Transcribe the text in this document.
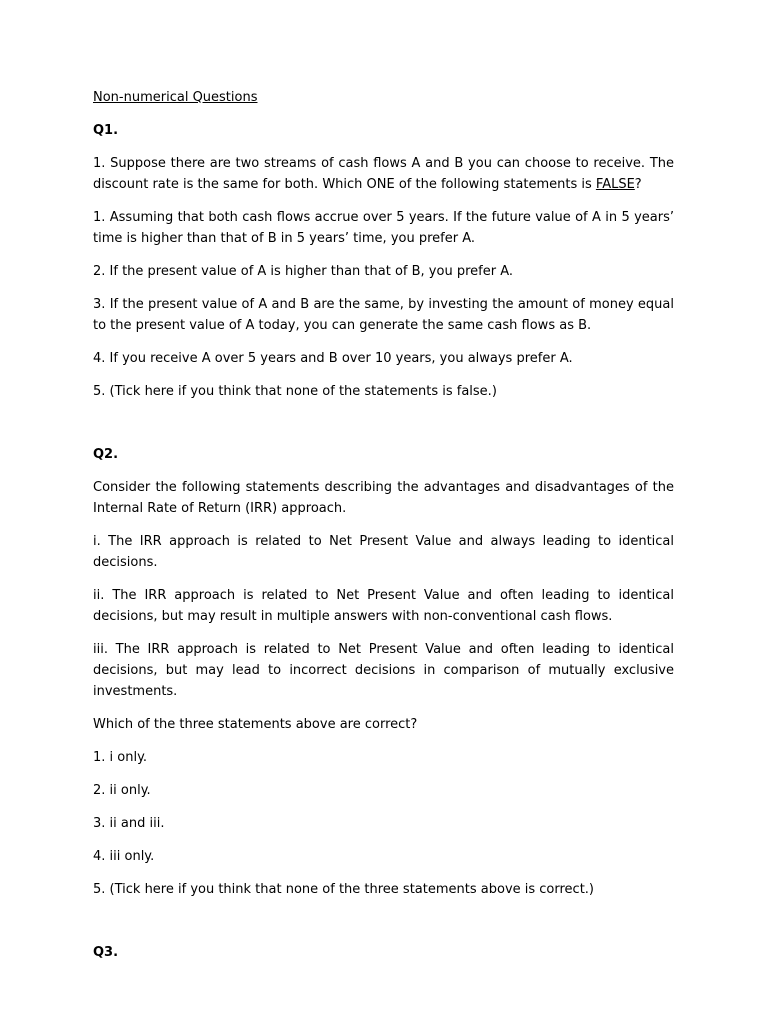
Non-numerical Questions
Q1.

1. Suppose there are two streams of cash flows A and B you can choose to receive. The discount rate is the same for both. Which ONE of the following statements is FALSE?

1. Assuming that both cash flows accrue over 5 years. If the future value of A in 5 years’ time is higher than that of B in 5 years’ time, you prefer A.

2. If the present value of A is higher than that of B, you prefer A.

3. If the present value of A and B are the same, by investing the amount of money equal to the present value of A today, you can generate the same cash flows as B.

4. If you receive A over 5 years and B over 10 years, you always prefer A.

5. (Tick here if you think that none of the statements is false.)

Q2.

Consider the following statements describing the advantages and disadvantages of the Internal Rate of Return (IRR) approach.

i. The IRR approach is related to Net Present Value and always leading to identical decisions.

ii. The IRR approach is related to Net Present Value and often leading to identical decisions, but may result in multiple answers with non-conventional cash flows.

iii. The IRR approach is related to Net Present Value and often leading to identical decisions, but may lead to incorrect decisions in comparison of mutually exclusive investments.

Which of the three statements above are correct?

1. i only.

2. ii only.

3. ii and iii.

4. iii only.

5. (Tick here if you think that none of the three statements above is correct.)

Q3.
